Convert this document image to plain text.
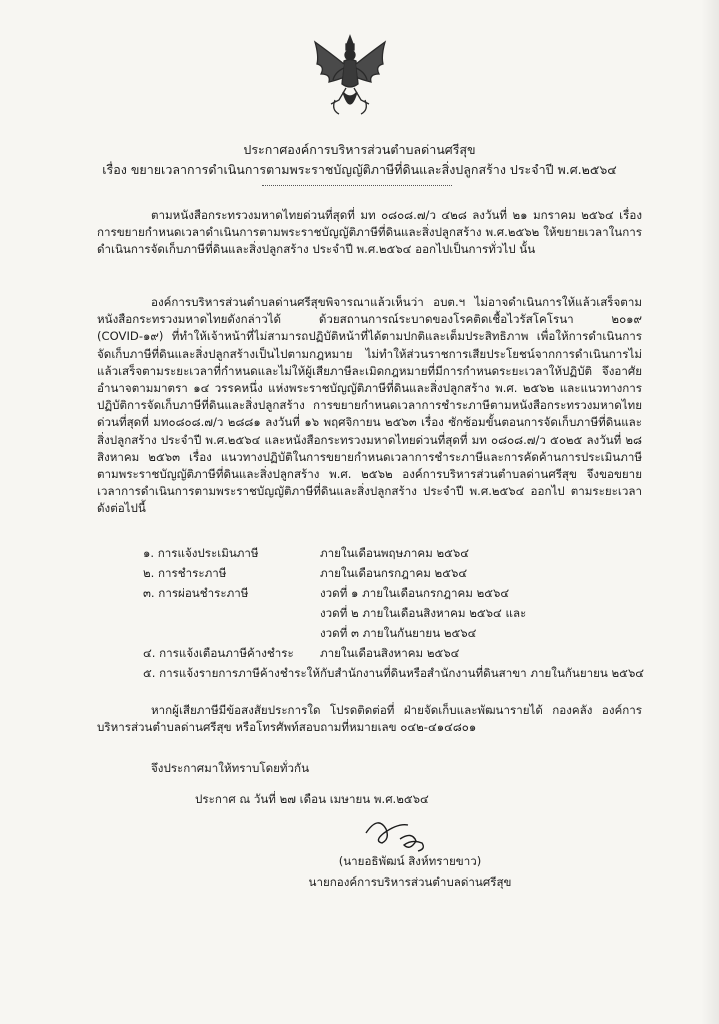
ประกาศองค์การบริหารส่วนตำบลด่านศรีสุข
เรื่อง ขยายเวลาการดำเนินการตามพระราชบัญญัติภาษีที่ดินและสิ่งปลูกสร้าง ประจำปี พ.ศ.๒๕๖๔
ตามหนังสือกระทรวงมหาดไทยด่วนที่สุดที่ มท ๐๘๐๘.๗/ว ๔๒๘ ลงวันที่ ๒๑ มกราคม ๒๕๖๔ เรื่อง การขยายกำหนดเวลาดำเนินการตามพระราชบัญญัติภาษีที่ดินและสิ่งปลูกสร้าง พ.ศ.๒๕๖๒ ให้ขยายเวลาในการดำเนินการจัดเก็บภาษีที่ดินและสิ่งปลูกสร้าง ประจำปี พ.ศ.๒๕๖๔ ออกไปเป็นการทั่วไป นั้น
องค์การบริหารส่วนตำบลด่านศรีสุขพิจารณาแล้วเห็นว่า อบต.ฯ ไม่อาจดำเนินการให้แล้วเสร็จตามหนังสือกระทรวงมหาดไทยดังกล่าวได้ ด้วยสถานการณ์ระบาดของโรคติดเชื้อไวรัสโคโรนา ๒๐๑๙ (COVID-๑๙) ที่ทำให้เจ้าหน้าที่ไม่สามารถปฏิบัติหน้าที่ได้ตามปกติและเต็มประสิทธิภาพ เพื่อให้การดำเนินการจัดเก็บภาษีที่ดินและสิ่งปลูกสร้างเป็นไปตามกฎหมาย ไม่ทำให้ส่วนราชการเสียประโยชน์จากการดำเนินการไม่แล้วเสร็จตามระยะเวลาที่กำหนดและไม่ให้ผู้เสียภาษีละเมิดกฎหมายที่มีการกำหนดระยะเวลาให้ปฏิบัติ จึงอาศัยอำนาจตามมาตรา ๑๔ วรรคหนึ่ง แห่งพระราชบัญญัติภาษีที่ดินและสิ่งปลูกสร้าง พ.ศ. ๒๕๖๒ และแนวทางการปฏิบัติการจัดเก็บภาษีที่ดินและสิ่งปลูกสร้าง การขยายกำหนดเวลาการชำระภาษีตามหนังสือกระทรวงมหาดไทยด่วนที่สุดที่ มท๐๘๐๘.๗/ว ๒๘๘๑ ลงวันที่ ๑๖ พฤศจิกายน ๒๕๖๓ เรื่อง ซักซ้อมขั้นตอนการจัดเก็บภาษีที่ดินและสิ่งปลูกสร้าง ประจำปี พ.ศ.๒๕๖๔ และหนังสือกระทรวงมหาดไทยด่วนที่สุดที่ มท ๐๘๐๘.๗/ว ๕๐๒๕ ลงวันที่ ๒๘ สิงหาคม ๒๕๖๓ เรื่อง แนวทางปฏิบัติในการขยายกำหนดเวลาการชำระภาษีและการคัดค้านการประเมินภาษีตามพระราชบัญญัติภาษีที่ดินและสิ่งปลูกสร้าง พ.ศ. ๒๕๖๒ องค์การบริหารส่วนตำบลด่านศรีสุข จึงขอขยายเวลาการดำเนินการตามพระราชบัญญัติภาษีที่ดินและสิ่งปลูกสร้าง ประจำปี พ.ศ.๒๕๖๔ ออกไป ตามระยะเวลาดังต่อไปนี้
๑. การแจ้งประเมินภาษี	ภายในเดือนพฤษภาคม ๒๕๖๔
๒. การชำระภาษี	ภายในเดือนกรกฎาคม ๒๕๖๔
๓. การผ่อนชำระภาษี	งวดที่ ๑ ภายในเดือนกรกฎาคม ๒๕๖๔
งวดที่ ๒ ภายในเดือนสิงหาคม ๒๕๖๔ และ
งวดที่ ๓ ภายในกันยายน ๒๕๖๔
๔. การแจ้งเตือนภาษีค้างชำระ ภายในเดือนสิงหาคม ๒๕๖๔
๕. การแจ้งรายการภาษีค้างชำระให้กับสำนักงานที่ดินหรือสำนักงานที่ดินสาขา ภายในกันยายน ๒๕๖๔
หากผู้เสียภาษีมีข้อสงสัยประการใด โปรดติดต่อที่ ฝ่ายจัดเก็บและพัฒนารายได้ กองคลัง องค์การบริหารส่วนตำบลด่านศรีสุข หรือโทรศัพท์สอบถามที่หมายเลข ๐๔๒-๔๑๔๘๐๑
จึงประกาศมาให้ทราบโดยทั่วกัน
ประกาศ ณ วันที่ ๒๗ เดือน เมษายน พ.ศ.๒๕๖๔
(นายอธิพัฒน์ สิงห์ทรายขาว)
นายกองค์การบริหารส่วนตำบลด่านศรีสุข
